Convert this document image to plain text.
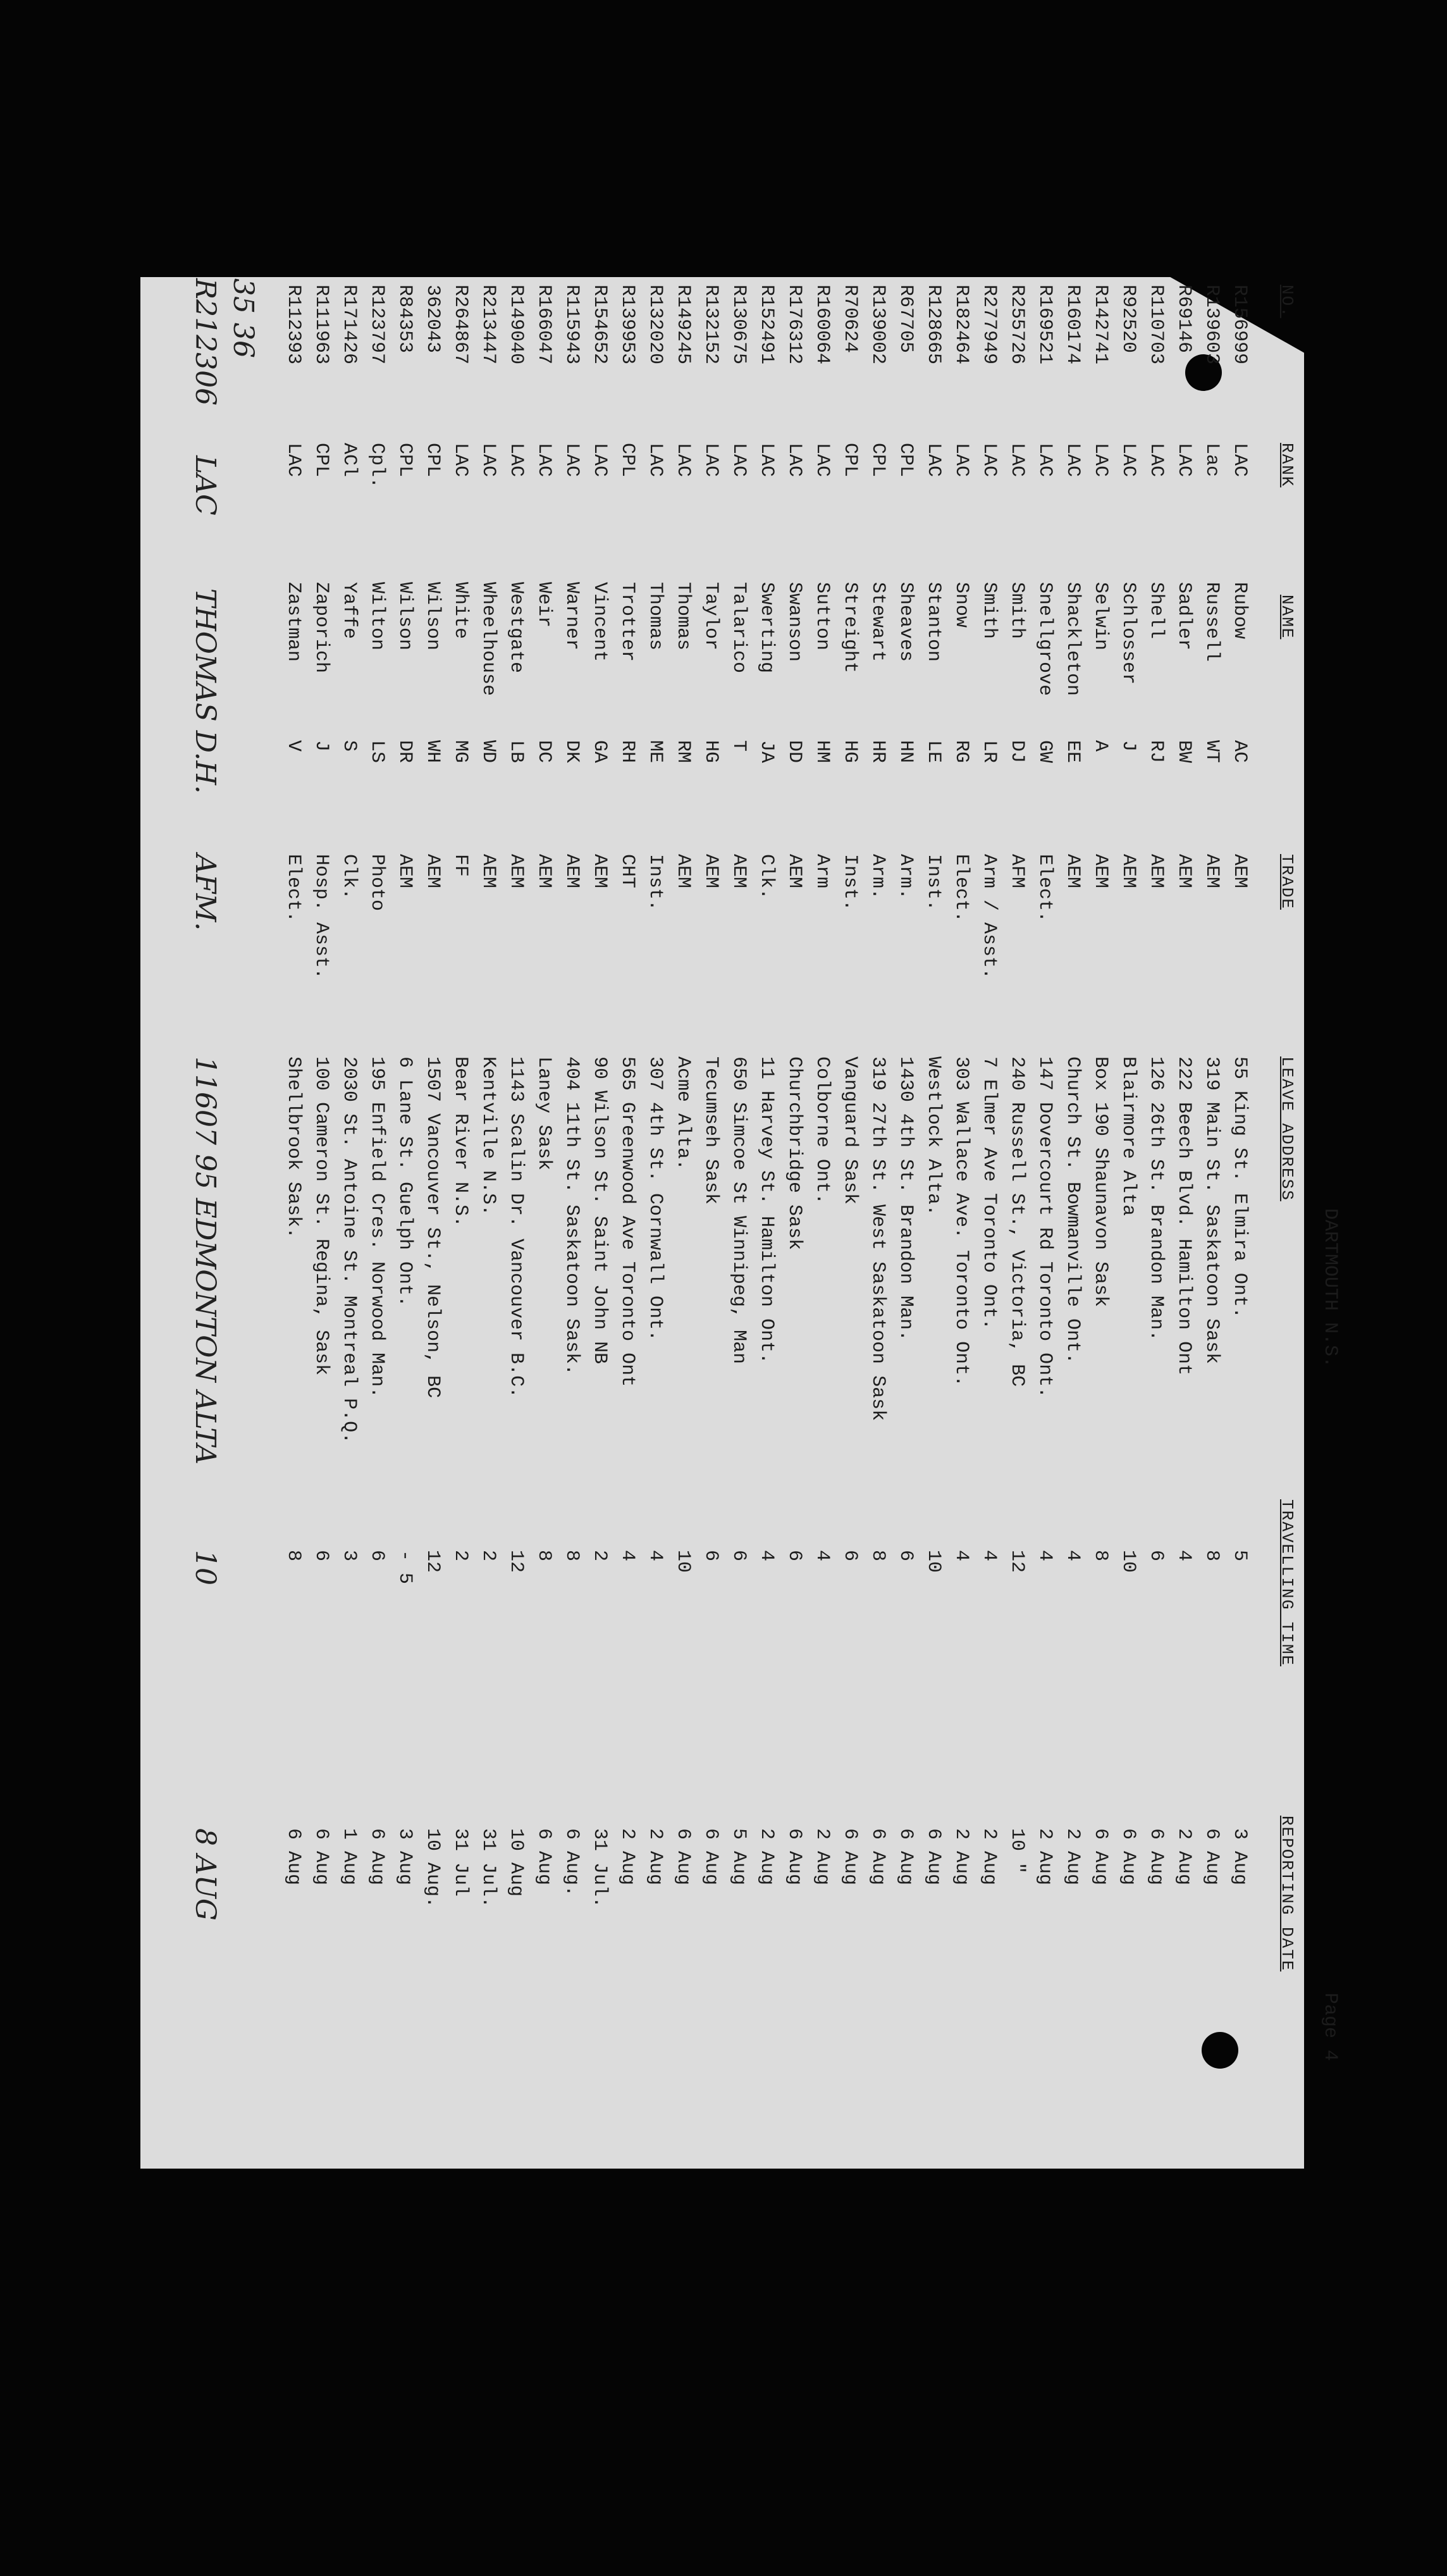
DARTMOUTH N.S.
Page 4
NO.
RANK
NAME
TRADE
LEAVE ADDRESS
TRAVELLING TIME
REPORTING DATE
R156999
LAC
Rubow
AC
AEM
55 King St. Elmira Ont.
5
3 Aug
R139603
Lac
Russell
WT
AEM
319 Main St. Saskatoon Sask
8
6 Aug
R69146
LAC
Sadler
BW
AEM
222 Beech Blvd. Hamilton Ont
4
2 Aug
R110703
LAC
Shell
RJ
AEM
126 26th St. Brandon Man.
6
6 Aug
R92520
LAC
Schlosser
J
AEM
Blairmore Alta
10
6 Aug
R142741
LAC
Selwin
A
AEM
Box 190 Shaunavon Sask
8
6 Aug
R160174
LAC
Shackleton
EE
AEM
Church St. Bowmanville Ont.
4
2 Aug
R169521
LAC
Snellgrove
GW
Elect.
147 Dovercourt Rd Toronto Ont.
4
2 Aug
R255726
LAC
Smith
DJ
AFM
240 Russell St., Victoria, BC
12
10 "
R277949
LAC
Smith
LR
Arm / Asst.
7 Elmer Ave Toronto Ont.
4
2 Aug
R182464
LAC
Snow
RG
Elect.
303 Wallace Ave. Toronto Ont.
4
2 Aug
R128665
LAC
Stanton
LE
Inst.
Westlock Alta.
10
6 Aug
R67705
CPL
Sheaves
HN
Arm.
1430 4th St. Brandon Man.
6
6 Aug
R139002
CPL
Stewart
HR
Arm.
319 27th St. West Saskatoon Sask
8
6 Aug
R70624
CPL
Streight
HG
Inst.
Vanguard Sask
6
6 Aug
R160064
LAC
Sutton
HM
Arm
Colborne Ont.
4
2 Aug
R176312
LAC
Swanson
DD
AEM
Churchbridge Sask
6
6 Aug
R152491
LAC
Swerting
JA
Clk.
11 Harvey St. Hamilton Ont.
4
2 Aug
R130675
LAC
Talarico
T
AEM
650 Simcoe St Winnipeg, Man
6
5 Aug
R132152
LAC
Taylor
HG
AEM
Tecumseh Sask
6
6 Aug
R149245
LAC
Thomas
RM
AEM
Acme Alta.
10
6 Aug
R132020
LAC
Thomas
ME
Inst.
307 4th St. Cornwall Ont.
4
2 Aug
R139953
CPL
Trotter
RH
CHT
565 Greenwood Ave Toronto Ont
4
2 Aug
R154652
LAC
Vincent
GA
AEM
90 Wilson St. Saint John NB
2
31 Jul.
R115943
LAC
Warner
DK
AEM
404 11th St. Saskatoon Sask.
8
6 Aug.
R166047
LAC
Weir
DC
AEM
Laney Sask
8
6 Aug
R149040
LAC
Westgate
LB
AEM
1143 Scalin Dr. Vancouver B.C.
12
10 Aug
R213447
LAC
Wheelhouse
WD
AEM
Kentville N.S.
2
31 Jul.
R264867
LAC
White
MG
FF
Bear River N.S.
2
31 Jul
362043
CPL
Wilson
WH
AEM
1507 Vancouver St., Nelson, BC
12
10 Aug.
R84353
CPL
Wilson
DR
AEM
6 Lane St. Guelph Ont.
- 5
3 Aug
R123797
Cpl.
Wilton
LS
Photo
195 Enfield Cres. Norwood Man.
6
6 Aug
R171426
ACl
Yaffe
S
Clk.
2030 St. Antoine St. Montreal P.Q.
3
1 Aug
R111963
CPL
Zaporich
J
Hosp. Asst.
100 Cameron St. Regina, Sask
6
6 Aug
R112393
LAC
Zastman
V
Elect.
Shellbrook Sask.
8
6 Aug
35 36
R212306
LAC
THOMAS D.H.
AFM.
11607 95 EDMONTON ALTA
10
8 AUG
